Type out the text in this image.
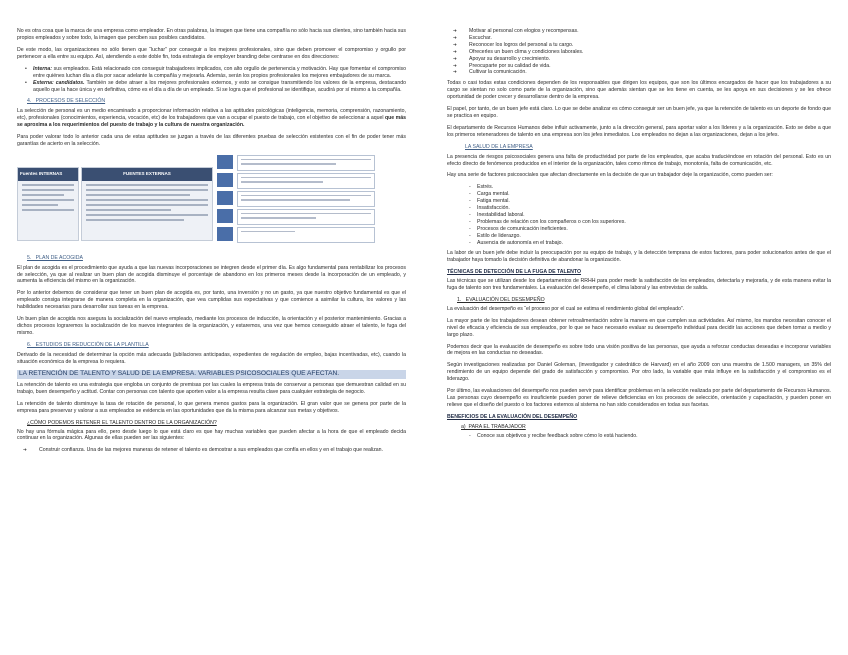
No es otra cosa que la marca de una empresa como empleador. En otras palabras, la imagen que tiene una compañía no sólo hacia sus clientes, sino también hacia sus propios empleados y sobre todo, la imagen que perciben sus posibles candidatos.

De este modo, las organizaciones no sólo tienen que “luchar” por conseguir a los mejores profesionales, sino que deben promover el compromiso y orgullo por pertenecer a ella entre su equipo. Así, atendiendo a este doble fin, toda estrategia de employer branding debe centrarse en dos direcciones:

• Interna: sus empleados. Está relacionado con conseguir trabajadores implicados, con alto orgullo de pertenencia y motivación. Hay que fomentar el compromiso entre quiénes luchan día a día por sacar adelante la compañía y mejorarla. Además, serán los propios profesionales los mejores embajadores de su marca.
• Externa: candidatos. También se debe atraer a los mejores profesionales externos, y esto se consigue transmitiendo los valores de la empresa, destacando aquello que la hace única y en definitiva, cómo es el día a día de un empleado. Si se logra que el profesional se identifique, acudirá por sí mismo a la compañía.
4.   PROCESOS DE SELECCIÓN

La selección de personal es un medio encaminado a proporcionar información relativa a las aptitudes psicológicas (inteligencia, memoria, comprensión, razonamiento, etc), profesionales (conocimientos, experiencia, vocación, etc) de los trabajadores que van a ocupar el puesto de trabajo, con el objetivo de seleccionar a aquel que más se aproxima a los requerimientos del puesto de trabajo y la cultura de nuestra organización.

Para poder valorar todo lo anterior cada una de estas aptitudes se juzgan a través de las diferentes pruebas de selección existentes con el fin de poder tener más garantías de acierto en la selección.

Fuentes INTERNAS	FUENTES EXTERNAS
5.   PLAN DE ACOGIDA

El plan de acogida es el procedimiento que ayuda a que las nuevas incorporaciones se integren desde el primer día. Es algo fundamental para rentabilizar los procesos de selección, ya que al realizar un buen plan de acogida disminuye el porcentaje de abandono en los primeros meses desde la incorporación de un empleado, y aumenta la eficiencia del mismo en la organización.

Por lo anterior debemos de considerar que tener un buen plan de acogida es, por tanto, una inversión y no un gasto, ya que nuestro objetivo fundamental es que el empleado consiga integrarse de manera completa en la organización, que vea cumplidas sus expectativas y que comience a asimilar la cultura, los valores y las habilidades necesarias para desarrollar sus tareas en la empresa.

Un buen plan de acogida nos asegura la socialización del nuevo empleado, mediante los procesos de inducción, la orientación y el posterior mantenimiento. Gracias a dichos procesos lograremos la socialización de los nuevos integrantes de la organización, y estaremos, una vez que hemos conseguido atraer el talento, le fuga del mismo.

6.   ESTUDIOS DE REDUCCIÓN DE LA PLANTILLA

Derivado de la necesidad de determinar la opción más adecuada (jubilaciones anticipadas, expedientes de regulación de empleo, bajas incentivadas, etc), cuando la situación económica de la empresa lo requiera.

LA RETENCIÓN DE TALENTO Y SALUD DE LA EMPRESA. VARIABLES PSICOSOCIALES QUE AFECTAN.

La retención de talento es una estrategia que engloba un conjunto de premisas por las cuales la empresa trata de conservar a personas que demuestran calidad en su trabajo, buen desempeño y actitud. Contar con personas con talento que aporten valor a la empresa resulta clave para cualquier estrategia de negocio.

La retención de talento disminuye la tasa de rotación de personal, lo que genera menos gastos para la organización. El gran valor que se genera por parte de la empresa para preservar y valorar a sus empleados se evidencia en las oportunidades que da la misma para alcanzar sus metas y objetivos.

¿CÓMO PODEMOS RETENER EL TALENTO DENTRO DE LA ORGANIZACIÓN?

No hay una fórmula mágica para ello, pero desde luego lo que está claro es que hay muchas variables que pueden afectar a la hora de que el empleado decida continuar en la organización. Algunas de ellas pueden ser las siguientes:

➔ Construir confianza. Una de las mejores maneras de retener el talento es demostrar a sus empleados que confía en ellos y en el trabajo que realizan.
➔ Motivar al personal con elogios y recompensas.
➔ Escuchar.
➔ Reconocer los logros del personal a tu cargo.
➔ Ofrecerles un buen clima y condiciones laborales.
➔ Apoyar su desarrollo y crecimiento.
➔ Preocuparte por su calidad de vida.
➔ Cultivar la comunicación.

Todas o casi todas estas condiciones dependen de los responsables que dirigen los equipos, que son los últimos encargados de hacer que los trabajadores a su cargo se sientan no solo como parte de la organización, sino que además sientan que se les tiene en cuenta, se les apoya en sus decisiones y se les ofrece oportunidad de poder crecer y desarrollarse dentro de la empresa.

El papel, por tanto, de un buen jefe está claro. Lo que se debe analizar es cómo conseguir ser un buen jefe, ya que la retención de talento es un deporte de fondo que se practica en equipo.

El departamento de Recursos Humanos debe influir activamente, junto a la dirección general, para aportar valor a los líderes y a la organización. Esto se debe a que los primeros reteneradores de talento en una empresa son los jefes inmediatos. Los empleados no dejan a las organizaciones, dejan a los jefes.

LA SALUD DE LA EMPRESA

La presencia de riesgos psicosociales genera una falta de productividad por parte de los empleados, que acaba traduciéndose en rotación del personal. Esto es un efecto directo de fenómenos producidos en el interior de la organización, tales como ritmos de trabajo, monotonía, falta de comunicación, etc.

Hay una serie de factores psicosociales que afectan directamente en la decisión de que un trabajador deje la organización, como pueden ser:

- Estrés.
- Carga mental.
- Fatiga mental.
- Insatisfacción.
- Inestabilidad laboral.
- Problemas de relación con los compañeros o con los superiores.
- Procesos de comunicación ineficientes.
- Estilo de liderazgo.
- Ausencia de autonomía en el trabajo.

La labor de un buen jefe debe incluir la preocupación por su equipo de trabajo, y la detección temprana de estos factores, para poder solucionarlos antes de que el trabajador haya tomado la decisión definitiva de abandonar la organización.

TÉCNICAS DE DETECCIÓN DE LA FUGA DE TALENTO

Las técnicas que se utilizan desde los departamentos de RRHH para poder medir la satisfacción de los empleados, detectarla y mejorarla, y de esta manera evitar la fuga de talento son tres fundamentales. La evaluación del desempeño, el clima laboral y las entrevistas de salida.

1.   EVALUACIÓN DEL DESEMPEÑO

La evaluación del desempeño es “el proceso por el cual se estima el rendimiento global del empleado”.

La mayor parte de los trabajadores desean obtener retroalimentación sobre la manera en que cumplen sus actividades. Así mismo, los mandos necesitan conocer el nivel de eficacia y eficiencia de sus empleados, por lo que se hace necesario evaluar su desempeño individual para decidir las acciones que deben tomar a medio y largo plazo.

Podemos decir que la evaluación de desempeño es sobre todo una visión positiva de las personas, que ayuda a reforzar conductas deseadas e incorporar variables de mejora en las conductas no deseadas.

Según investigaciones realizadas por Daniel Goleman, (investigador y catedrático de Harvard) en el año 2009 con una muestra de 1.500 managers, un 35% del rendimiento de un equipo depende del grado de satisfacción y compromiso. Por otro lado, la variable que más influye en la satisfacción y el compromiso es el liderazgo.

Por último, las evaluaciones del desempeño nos pueden servir para identificar problemas en la selección realizada por parte del departamento de Recursos Humanos. Las personas cuyo desempeño es insuficiente pueden poner de relieve deficiencias en los procesos de selección, orientación y capacitación, y pueden poner en relieve que el diseño del puesto o los factores externos al sistema no han sido considerados en todas sus facetas.

BENEFICIOS DE LA EVALUACIÓN DEL DESEMPEÑO
a)  PARA EL TRABAJADOR
- Conoce sus objetivos y recibe feedback sobre cómo lo está haciendo.
